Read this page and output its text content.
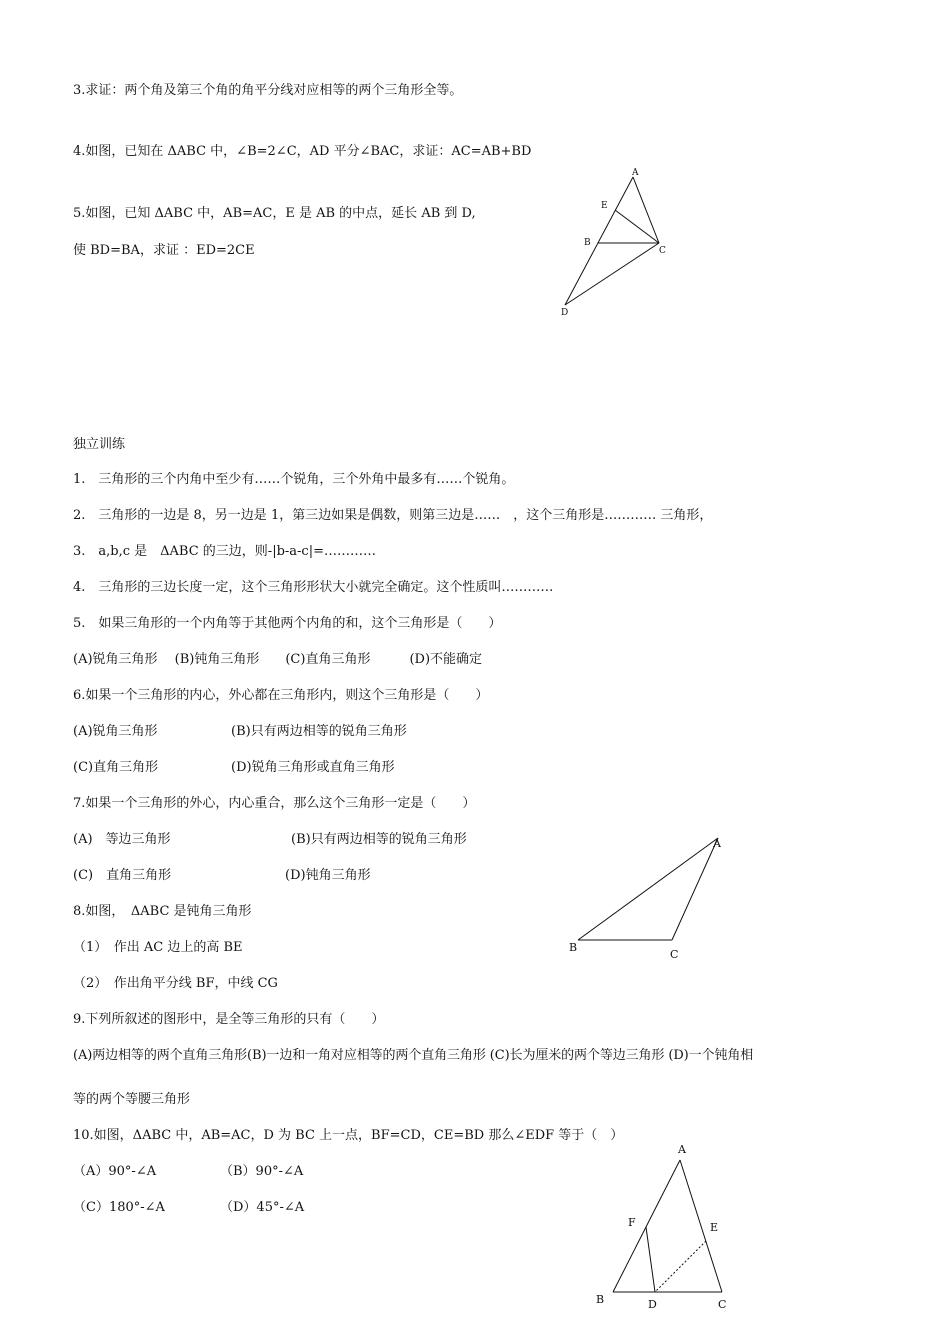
3.求证：两个角及第三个角的角平分线对应相等的两个三角形全等。
4.如图，已知在 ΔABC 中，∠B=2∠C，AD 平分∠BAC，求证：AC=AB+BD
5.如图，已知 ΔABC 中，AB=AC，E 是 AB 的中点，延长 AB 到 D,
使 BD=BA，求证 ：ED=2CE
独立训练
1.　三角形的三个内角中至少有……个锐角，三个外角中最多有……个锐角。
2.　三角形的一边是 8，另一边是 1，第三边如果是偶数，则第三边是……　，这个三角形是………… 三角形，
3.　a,b,c 是　ΔABC 的三边，则-|b-a-c|=…………
4.　三角形的三边长度一定，这个三角形形状大小就完全确定。这个性质叫…………
5.　如果三角形的一个内角等于其他两个内角的和，这个三角形是（　　）
(A)锐角三角形　 (B)钝角三角形　　(C)直角三角形　　　(D)不能确定
6.如果一个三角形的内心，外心都在三角形内，则这个三角形是（　　）
(A)锐角三角形	(B)只有两边相等的锐角三角形
(C)直角三角形	(D)锐角三角形或直角三角形
7.如果一个三角形的外心，内心重合，那么这个三角形一定是（　　）
(A)　等边三角形	(B)只有两边相等的锐角三角形
(C)　直角三角形	(D)钝角三角形
8.如图，　ΔABC 是钝角三角形
（1）　作出 AC 边上的高 BE
（2）　作出角平分线 BF，中线 CG
9.下列所叙述的图形中，是全等三角形的只有（　　）
(A)两边相等的两个直角三角形(B)一边和一角对应相等的两个直角三角形 (C)长为厘米的两个等边三角形 (D)一个钝角相
等的两个等腰三角形
10.如图，ΔABC 中，AB=AC，D 为 BC 上一点，BF=CD，CE=BD 那么∠EDF 等于（　）
（A）90°-∠A	（B）90°-∠A
（C）180°-∠A	（D）45°-∠A
A
E
B
C
D
A
B
C
A
F	E
B	D	C
